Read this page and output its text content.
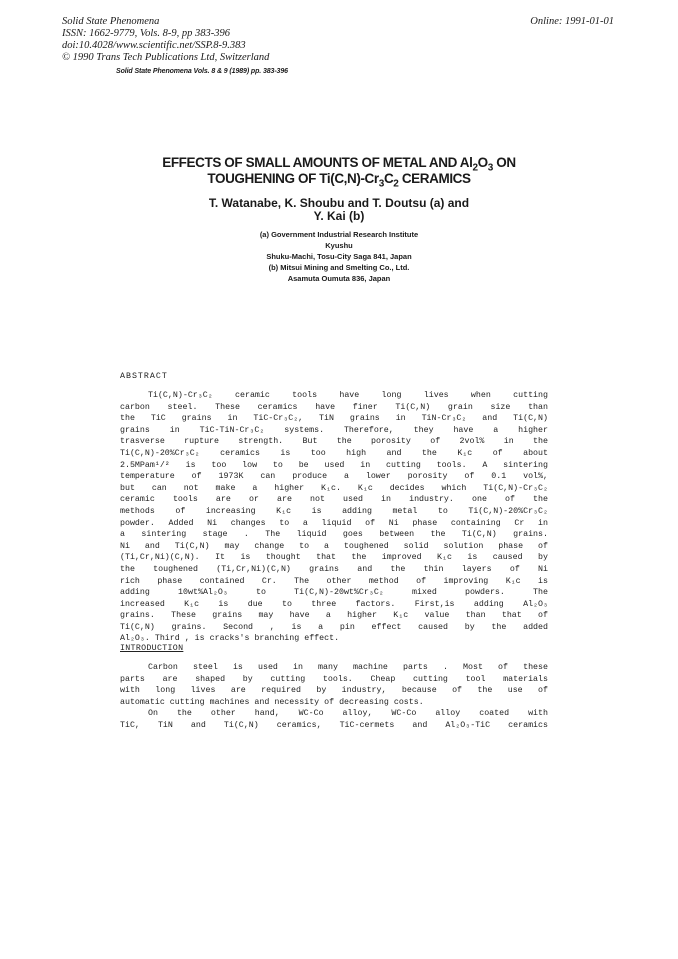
Solid State Phenomena
ISSN: 1662-9779, Vols. 8-9, pp 383-396
doi:10.4028/www.scientific.net/SSP.8-9.383
© 1990 Trans Tech Publications Ltd, Switzerland
Online: 1991-01-01
Solid State Phenomena Vols. 8 & 9 (1989) pp. 383-396
EFFECTS OF SMALL AMOUNTS OF METAL AND $Al_2O_3$ ON
TOUGHENING OF $Ti(C,N)-Cr_3C_2$ CERAMICS
T. Watanabe, K. Shoubu and T. Doutsu (a) and
Y. Kai (b)
(a) Government Industrial Research Institute
Kyushu
Shuku-Machi, Tosu-City Saga 841, Japan
(b) Mitsui Mining and Smelting Co., Ltd.
Asamuta Oumuta 836, Japan
ABSTRACT
Ti(C,N)-Cr₃C₂ ceramic tools have long lives when cutting
carbon steel. These ceramics have finer Ti(C,N) grain size than
the TiC grains in TiC-Cr₃C₂, TiN grains in TiN-Cr₃C₂ and Ti(C,N)
grains in TiC-TiN-Cr₃C₂ systems. Therefore, they have a higher
trasverse rupture strength. But the porosity of 2vol% in the
Ti(C,N)-20%Cr₃C₂ ceramics is too high and the K₁c of about
2.5MPam¹/² is too low to be used in cutting tools. A sintering
temperature of 1973K can produce a lower porosity of 0.1 vol%,
but can not make a higher K₁c. K₁c decides which Ti(C,N)-Cr₃C₂
ceramic tools are or are not used in industry. one of the
methods of increasing K₁c is adding metal to Ti(C,N)-20%Cr₃C₂
powder. Added Ni changes to a liquid of Ni phase containing Cr in
a sintering stage . The liquid goes between the Ti(C,N) grains.
Ni and Ti(C,N) may change to a toughened solid solution phase of
(Ti,Cr,Ni)(C,N). It is thought that the improved K₁c is caused by
the toughened (Ti,Cr,Ni)(C,N) grains and the thin layers of Ni
rich phase contained Cr. The other method of improving K₁c is
adding 10wt%Al₂O₃ to Ti(C,N)-20wt%Cr₃C₂ mixed powders. The
increased K₁c is due to three factors. First,is adding Al₂O₃
grains. These grains may have a higher K₁c value than that of
Ti(C,N) grains. Second , is a pin effect caused by the added
Al₂O₃. Third , is cracks's branching effect.
INTRODUCTION
Carbon steel is used in many machine parts . Most of these
parts are shaped by cutting tools. Cheap cutting tool materials
with long lives are required by industry, because of the use of
automatic cutting machines and necessity of decreasing costs.
On the other hand, WC-Co alloy, WC-Co alloy coated with
TiC, TiN and Ti(C,N) ceramics, TiC-cermets and Al₂O₃-TiC ceramics
